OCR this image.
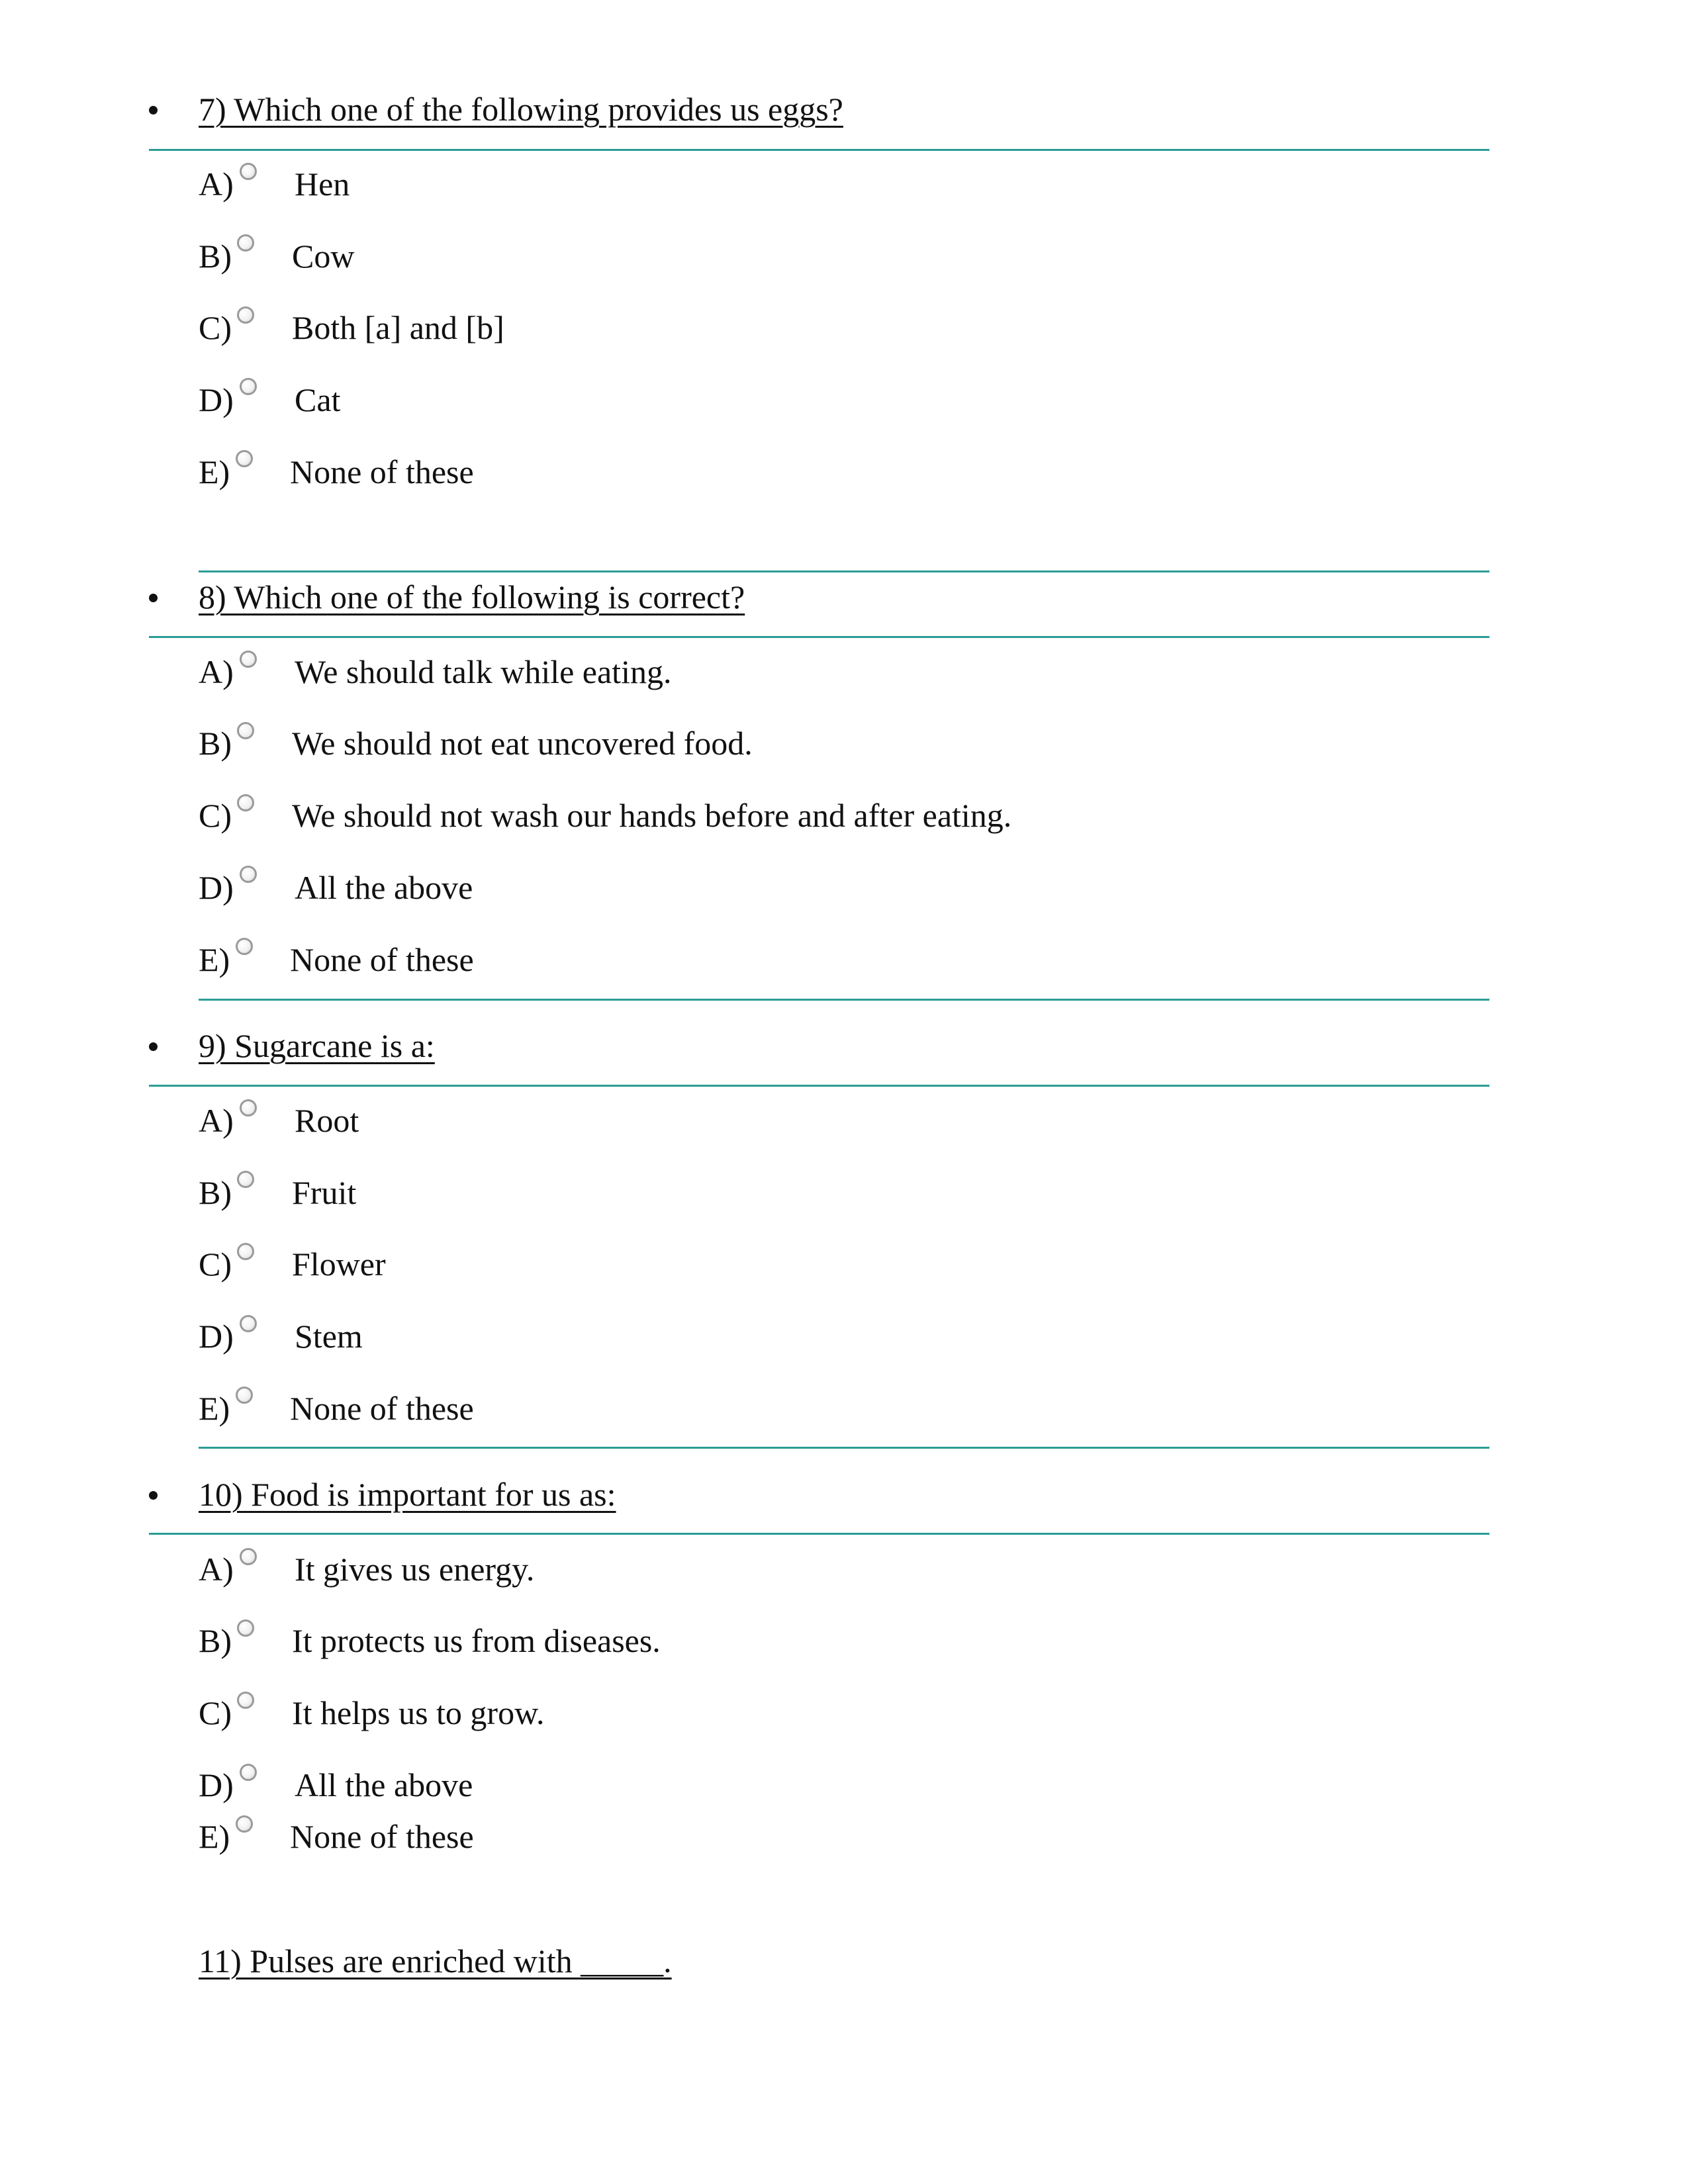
7) Which one of the following provides us eggs?
A) Hen
B) Cow
C) Both [a] and [b]
D) Cat
E) None of these
8) Which one of the following is correct?
A) We should talk while eating.
B) We should not eat uncovered food.
C) We should not wash our hands before and after eating.
D) All the above
E) None of these
9) Sugarcane is a:
A) Root
B) Fruit
C) Flower
D) Stem
E) None of these
10) Food is important for us as:
A) It gives us energy.
B) It protects us from diseases.
C) It helps us to grow.
D) All the above
E) None of these
11) Pulses are enriched with _____.
